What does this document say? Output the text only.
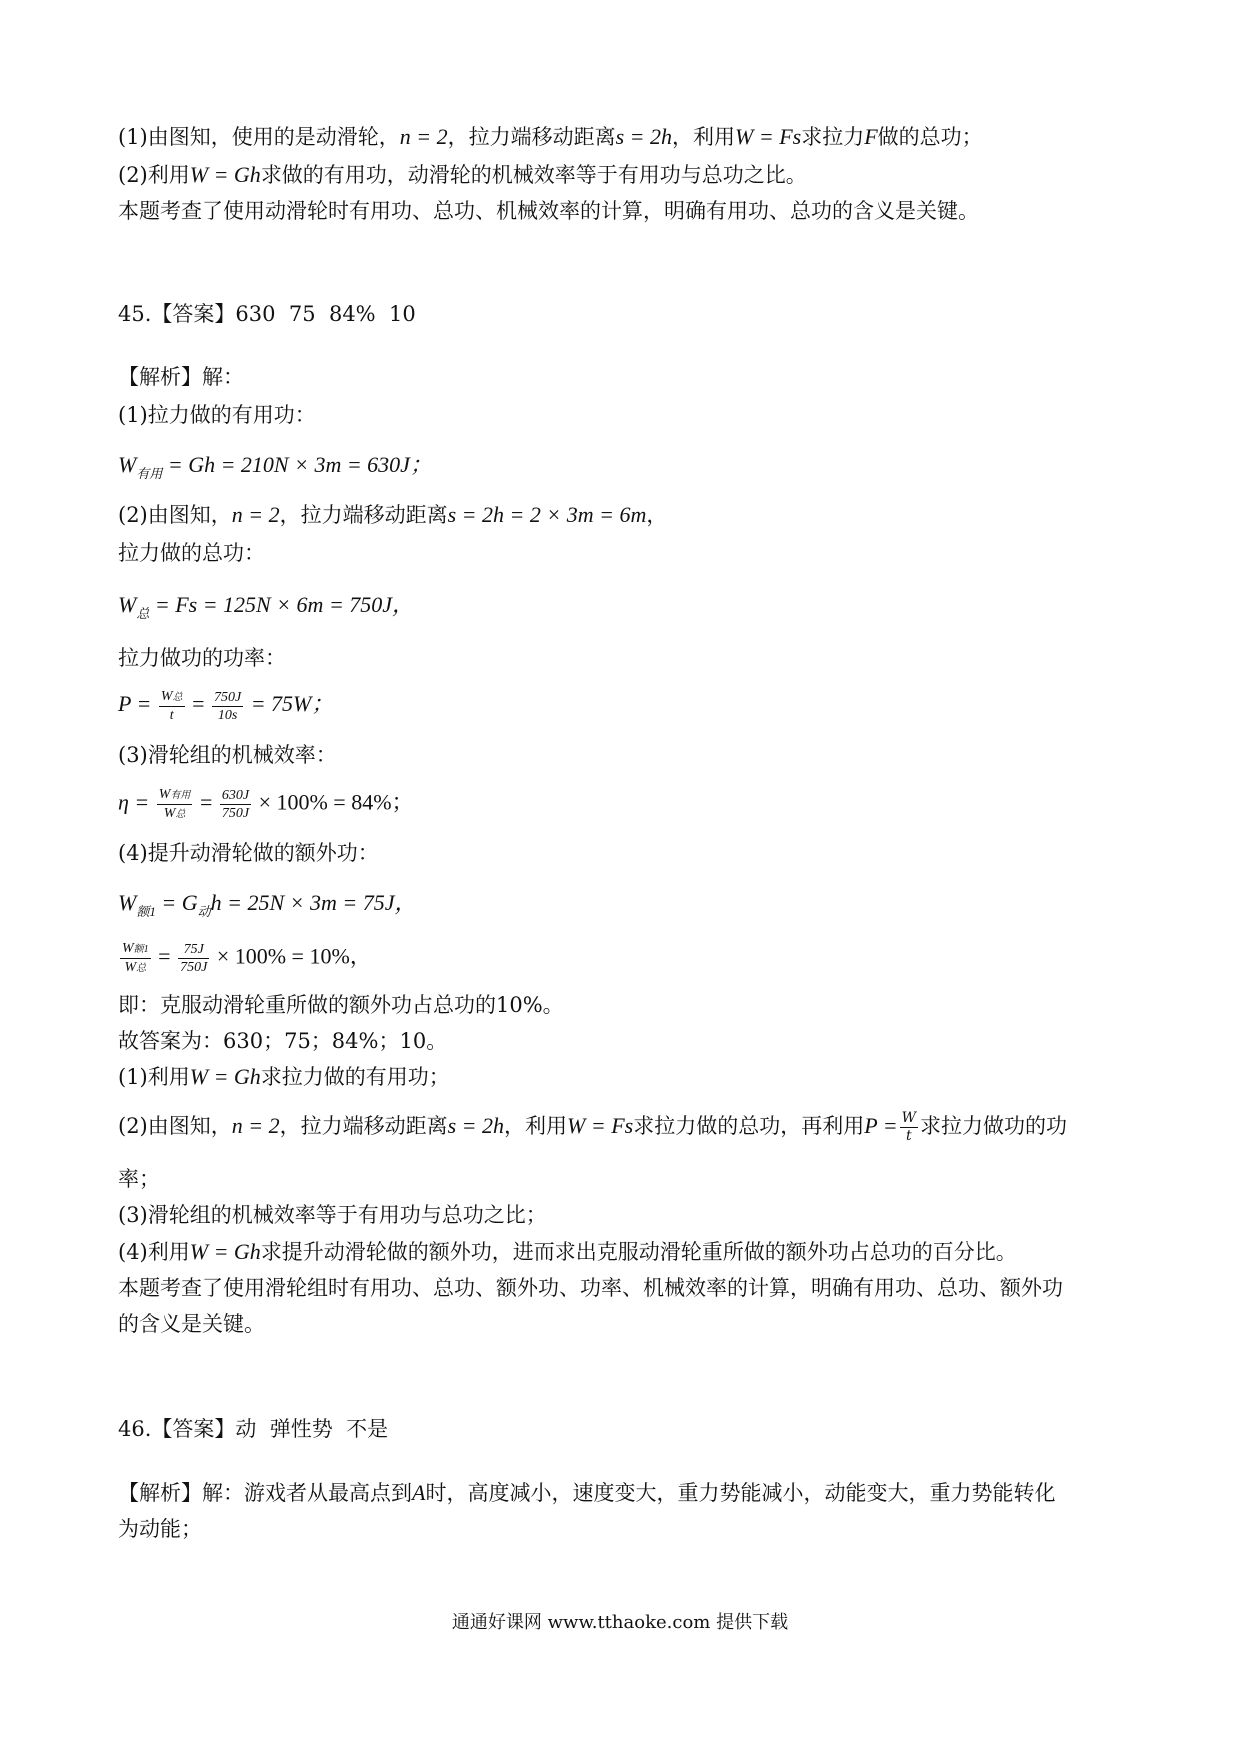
(1)由图知，使用的是动滑轮，n = 2，拉力端移动距离s = 2h，利用W = Fs求拉力F做的总功；
(2)利用W = Gh求做的有用功，动滑轮的机械效率等于有用功与总功之比。
本题考查了使用动滑轮时有用功、总功、机械效率的计算，明确有用功、总功的含义是关键。
45.【答案】630 75 84% 10
【解析】解：
(1)拉力做的有用功：
$W_{有用} = Gh = 210N \times 3m = 630J$；
(2)由图知，n = 2，拉力端移动距离s = 2h = 2 × 3m = 6m，
拉力做的总功：
$W_总 = Fs = 125N \times 6m = 750J$，
拉力做功的功率：
$P = \frac{\text{W总}}{t} = \frac{750J}{10s} = 75W$；
(3)滑轮组的机械效率：
$\eta = \frac{\text{W有用}}{\text{W总}} = \frac{630J}{750J} \times 100\% = 84\%$；
(4)提升动滑轮做的额外功：
$W_{额1} = G_动h = 25N \times 3m = 75J$，
$\frac{\text{W额1}}{\text{W总}} = \frac{75J}{750J} \times 100\% = 10\%$，
即：克服动滑轮重所做的额外功占总功的10%。
故答案为：630；75；84%；10。
(1)利用W = Gh求拉力做的有用功；
(2)由图知，n = 2，拉力端移动距离s = 2h，利用W = Fs求拉力做的总功，再利用$P = \frac{W}{t}$ 求拉力做功的功
率；
(3)滑轮组的机械效率等于有用功与总功之比；
(4)利用W = Gh求提升动滑轮做的额外功，进而求出克服动滑轮重所做的额外功占总功的百分比。
本题考查了使用滑轮组时有用功、总功、额外功、功率、机械效率的计算，明确有用功、总功、额外功
的含义是关键。
46.【答案】动 弹性势 不是
【解析】解：游戏者从最高点到A时，高度减小，速度变大，重力势能减小，动能变大，重力势能转化
为动能；
通通好课网 www.tthaoke.com 提供下载
